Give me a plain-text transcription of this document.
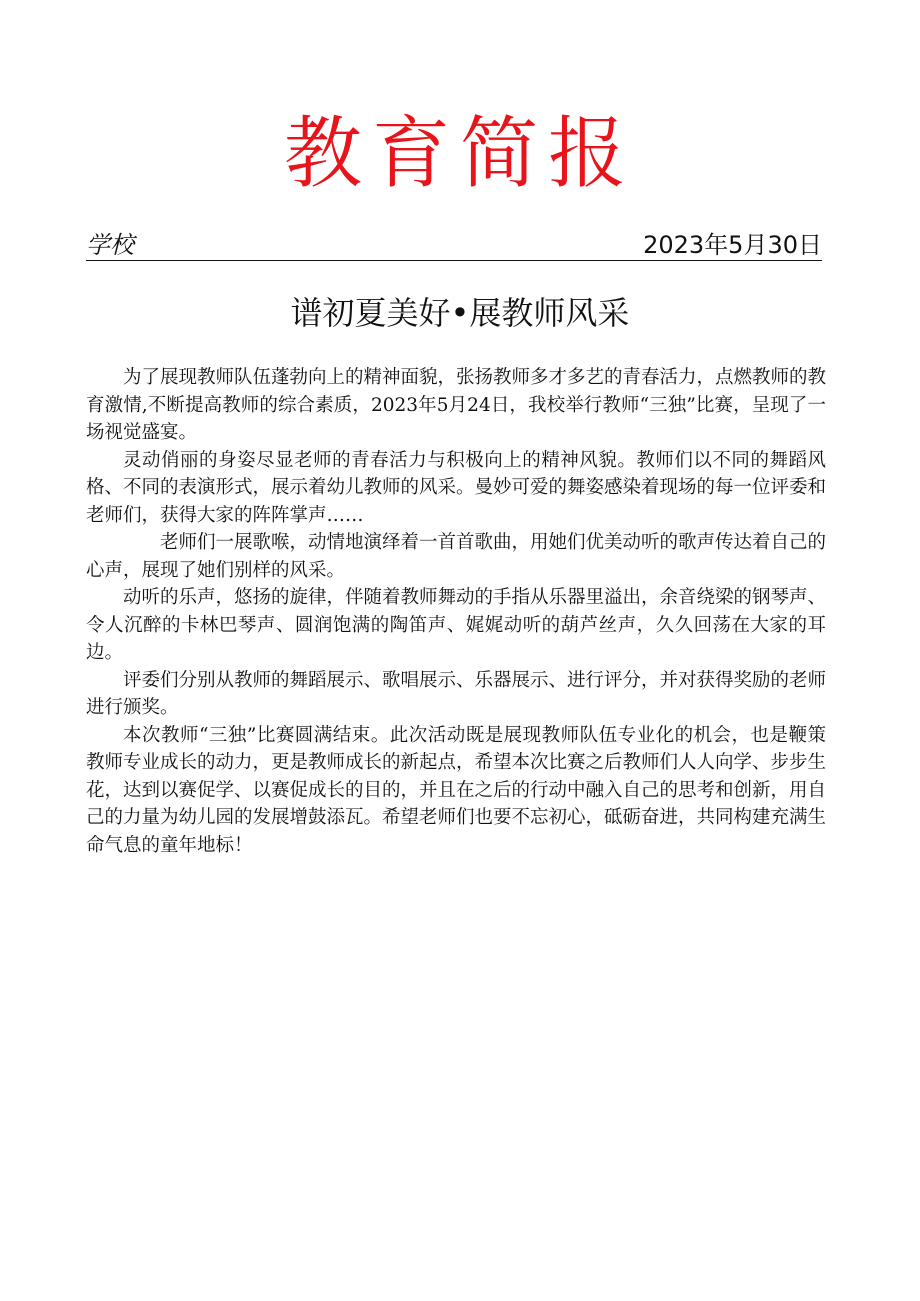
教育简报
学校	2023年5月30日
谱初夏美好•展教师风采

为了展现教师队伍蓬勃向上的精神面貌，张扬教师多才多艺的青春活力，点燃教师的教育激情,不断提高教师的综合素质，2023年5月24日，我校举行教师“三独”比赛，呈现了一场视觉盛宴。

灵动俏丽的身姿尽显老师的青春活力与积极向上的精神风貌。教师们以不同的舞蹈风格、不同的表演形式，展示着幼儿教师的风采。曼妙可爱的舞姿感染着现场的每一位评委和老师们，获得大家的阵阵掌声……

老师们一展歌喉，动情地演绎着一首首歌曲，用她们优美动听的歌声传达着自己的心声，展现了她们别样的风采。

动听的乐声，悠扬的旋律，伴随着教师舞动的手指从乐器里溢出，余音绕梁的钢琴声、令人沉醉的卡林巴琴声、圆润饱满的陶笛声、娓娓动听的葫芦丝声，久久回荡在大家的耳边。

评委们分别从教师的舞蹈展示、歌唱展示、乐器展示、进行评分，并对获得奖励的老师进行颁奖。

本次教师“三独”比赛圆满结束。此次活动既是展现教师队伍专业化的机会，也是鞭策教师专业成长的动力，更是教师成长的新起点，希望本次比赛之后教师们人人向学、步步生花，达到以赛促学、以赛促成长的目的，并且在之后的行动中融入自己的思考和创新，用自己的力量为幼儿园的发展增鼓添瓦。希望老师们也要不忘初心，砥砺奋进，共同构建充满生命气息的童年地标！
